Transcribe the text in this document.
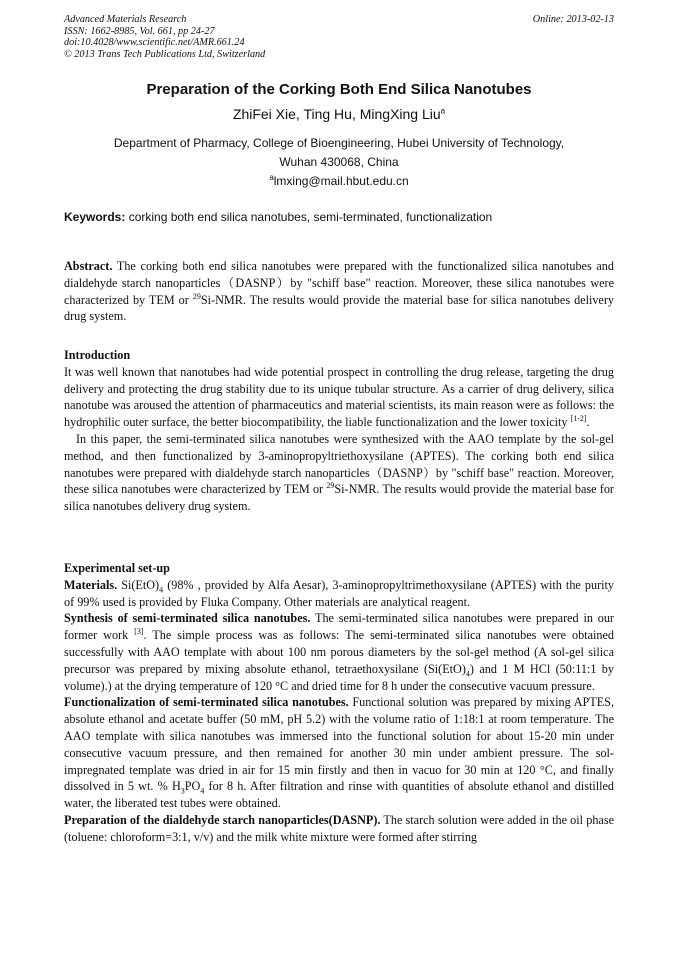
Advanced Materials Research
ISSN: 1662-8985, Vol. 661, pp 24-27
doi:10.4028/www.scientific.net/AMR.661.24
© 2013 Trans Tech Publications Ltd, Switzerland
Online: 2013-02-13
Preparation of the Corking Both End Silica Nanotubes
ZhiFei Xie, Ting Hu, MingXing Liu$^a$
Department of Pharmacy, College of Bioengineering, Hubei University of Technology,
Wuhan 430068, China
$^a$lmxing@mail.hbut.edu.cn
Keywords: corking both end silica nanotubes, semi-terminated, functionalization

Abstract. The corking both end silica nanotubes were prepared with the functionalized silica nanotubes and dialdehyde starch nanoparticles（DASNP）by "schiff base" reaction. Moreover, these silica nanotubes were characterized by TEM or $^{29}$Si-NMR. The results would provide the material base for silica nanotubes delivery drug system.

Introduction

It was well known that nanotubes had wide potential prospect in controlling the drug release, targeting the drug delivery and protecting the drug stability due to its unique tubular structure. As a carrier of drug delivery, silica nanotube was aroused the attention of pharmaceutics and material scientists, its main reason were as follows: the hydrophilic outer surface, the better biocompatibility, the liable functionalization and the lower toxicity [1-2].

In this paper, the semi-terminated silica nanotubes were synthesized with the AAO template by the sol-gel method, and then functionalized by 3-aminopropyltriethoxysilane (APTES). The corking both end silica nanotubes were prepared with dialdehyde starch nanoparticles（DASNP）by "schiff base" reaction. Moreover, these silica nanotubes were characterized by TEM or $^{29}$Si-NMR. The results would provide the material base for silica nanotubes delivery drug system.

Experimental set-up

Materials. $Si(EtO)_4$ (98% , provided by Alfa Aesar), 3-aminopropyltrimethoxysilane (APTES) with the purity of 99% used is provided by Fluka Company. Other materials are analytical reagent.

Synthesis of semi-terminated silica nanotubes. The semi-terminated silica nanotubes were prepared in our former work [3]. The simple process was as follows: The semi-terminated silica nanotubes were obtained successfully with AAO template with about 100 nm porous diameters by the sol-gel method (A sol-gel silica precursor was prepared by mixing absolute ethanol, tetraethoxysilane $(Si(EtO)_4)$ and 1 M HCl (50:11:1 by volume).) at the drying temperature of 120 °C and dried time for 8 h under the consecutive vacuum pressure.

Functionalization of semi-terminated silica nanotubes. Functional solution was prepared by mixing APTES, absolute ethanol and acetate buffer (50 mM, pH 5.2) with the volume ratio of 1:18:1 at room temperature. The AAO template with silica nanotubes was immersed into the functional solution for about 15-20 min under consecutive vacuum pressure, and then remained for another 30 min under ambient pressure. The sol-impregnated template was dried in air for 15 min firstly and then in vacuo for 30 min at 120 °C, and finally dissolved in 5 wt. % $H_3PO_4$ for 8 h. After filtration and rinse with quantities of absolute ethanol and distilled water, the liberated test tubes were obtained.

Preparation of the dialdehyde starch nanoparticles(DASNP). The starch solution were added in the oil phase (toluene: chloroform=3:1, v/v) and the milk white mixture were formed after stirring
